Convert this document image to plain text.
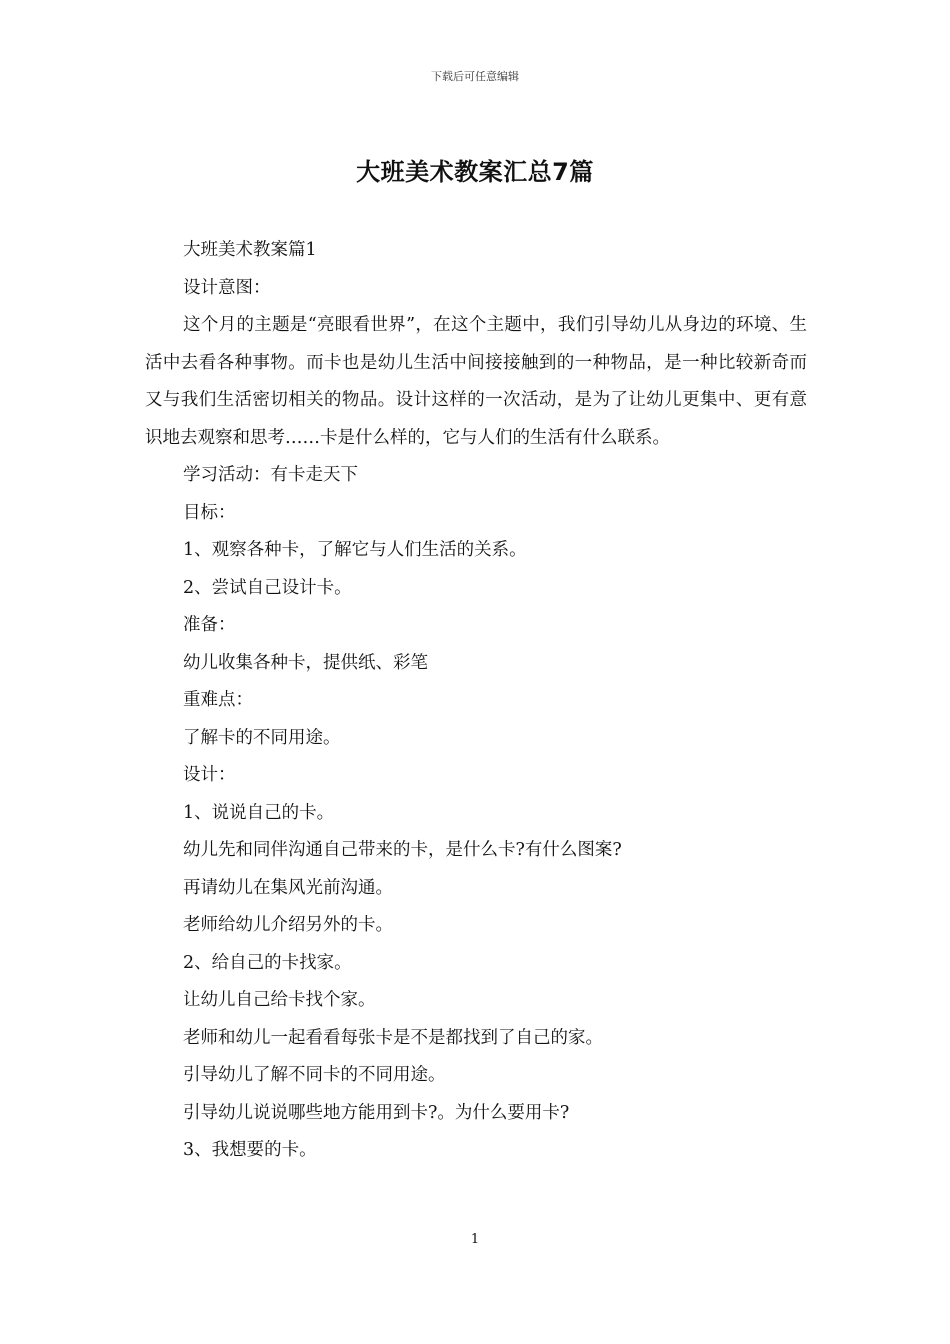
下载后可任意编辑
大班美术教案汇总7篇

大班美术教案篇1

设计意图：

这个月的主题是“亮眼看世界”，在这个主题中，我们引导幼儿从身边的环境、生活中去看各种事物。而卡也是幼儿生活中间接接触到的一种物品，是一种比较新奇而又与我们生活密切相关的物品。设计这样的一次活动，是为了让幼儿更集中、更有意识地去观察和思考……卡是什么样的，它与人们的生活有什么联系。

学习活动：有卡走天下

目标：

1、观察各种卡，了解它与人们生活的关系。

2、尝试自己设计卡。

准备：

幼儿收集各种卡，提供纸、彩笔

重难点：

了解卡的不同用途。

设计：

1、说说自己的卡。

幼儿先和同伴沟通自己带来的卡，是什么卡?有什么图案?

再请幼儿在集风光前沟通。

老师给幼儿介绍另外的卡。

2、给自己的卡找家。

让幼儿自己给卡找个家。

老师和幼儿一起看看每张卡是不是都找到了自己的家。

引导幼儿了解不同卡的不同用途。

引导幼儿说说哪些地方能用到卡?。为什么要用卡?

3、我想要的卡。

1
